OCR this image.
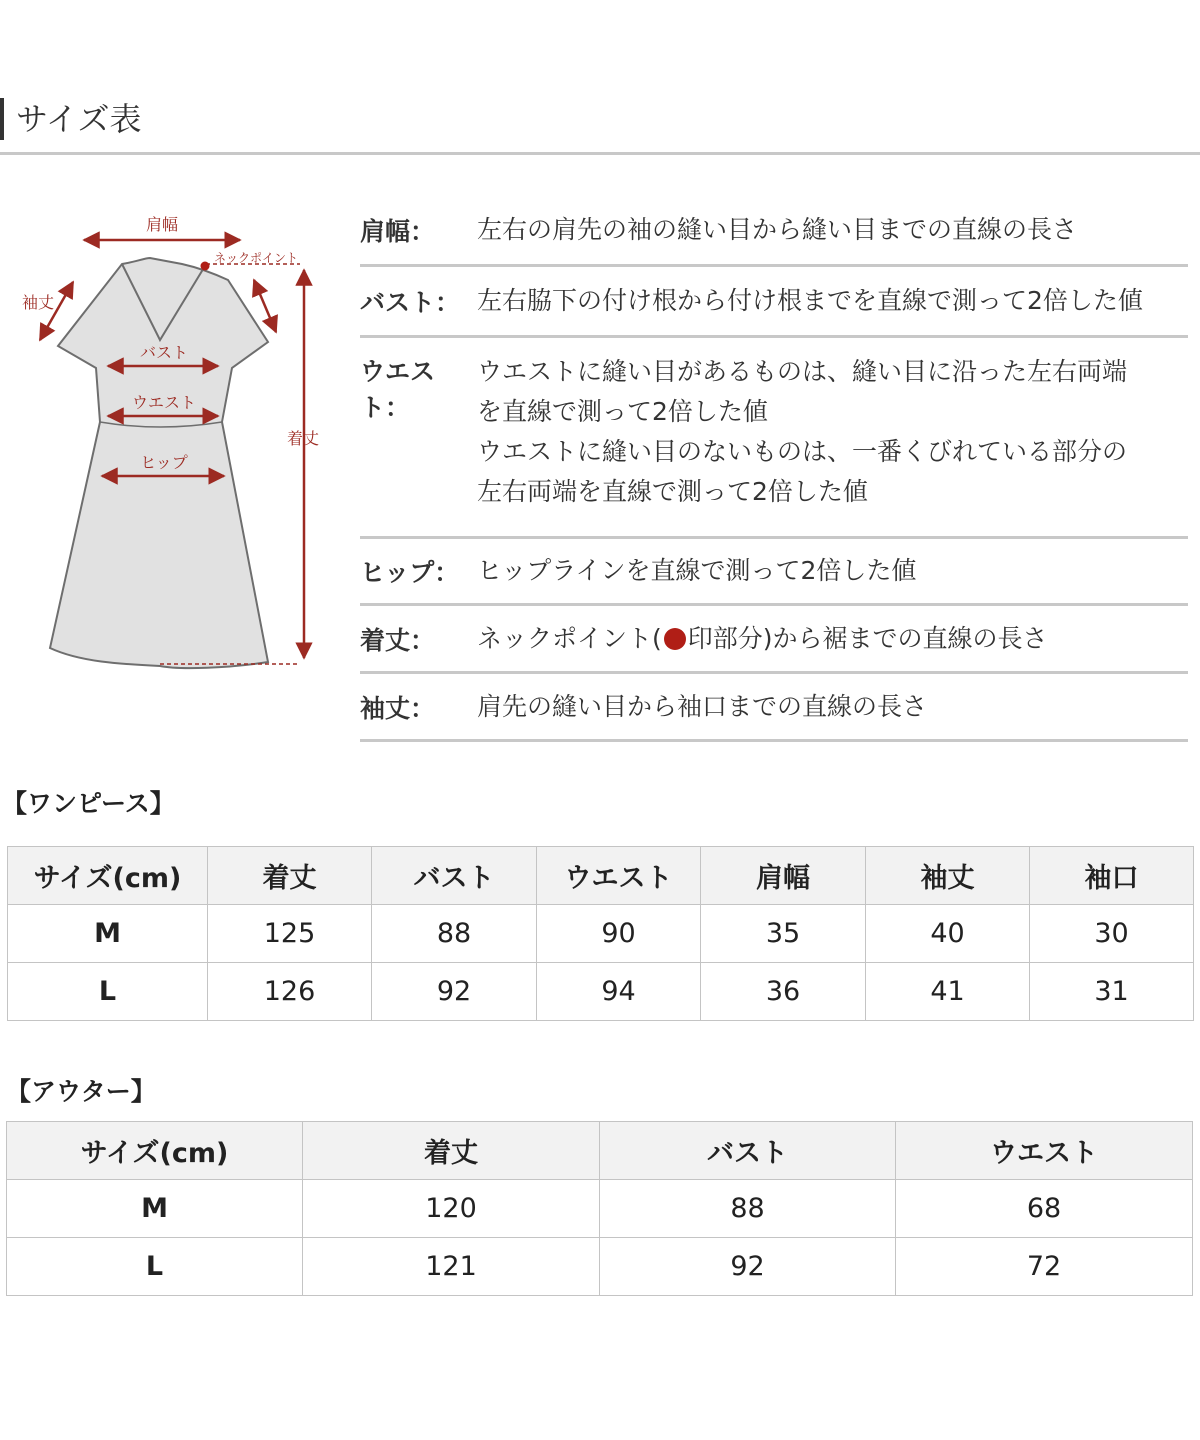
サイズ表
肩幅
ネックポイント
袖丈
バスト
ウエスト
ヒップ
着丈
肩幅：	左右の肩先の袖の縫い目から縫い目までの直線の長さ
バスト： 左右脇下の付け根から付け根までを直線で測って2倍した値
ウエスト：
ウエストに縫い目があるものは、縫い目に沿った左右両端
を直線で測って2倍した値
ウエストに縫い目のないものは、一番くびれている部分の
左右両端を直線で測って2倍した値
ヒップ： ヒップラインを直線で測って2倍した値
着丈：	ネックポイント( 印部分)から裾までの直線の長さ
袖丈：	肩先の縫い目から袖口までの直線の長さ
【ワンピース】
サイズ(cm)	着丈	バスト	ウエスト	肩幅	袖丈	袖口
M	125	88	90	35	40	30
L	126	92	94	36	41	31
【アウター】
サイズ(cm)	着丈	バスト	ウエスト
M	120	88	68
L	121	92	72
